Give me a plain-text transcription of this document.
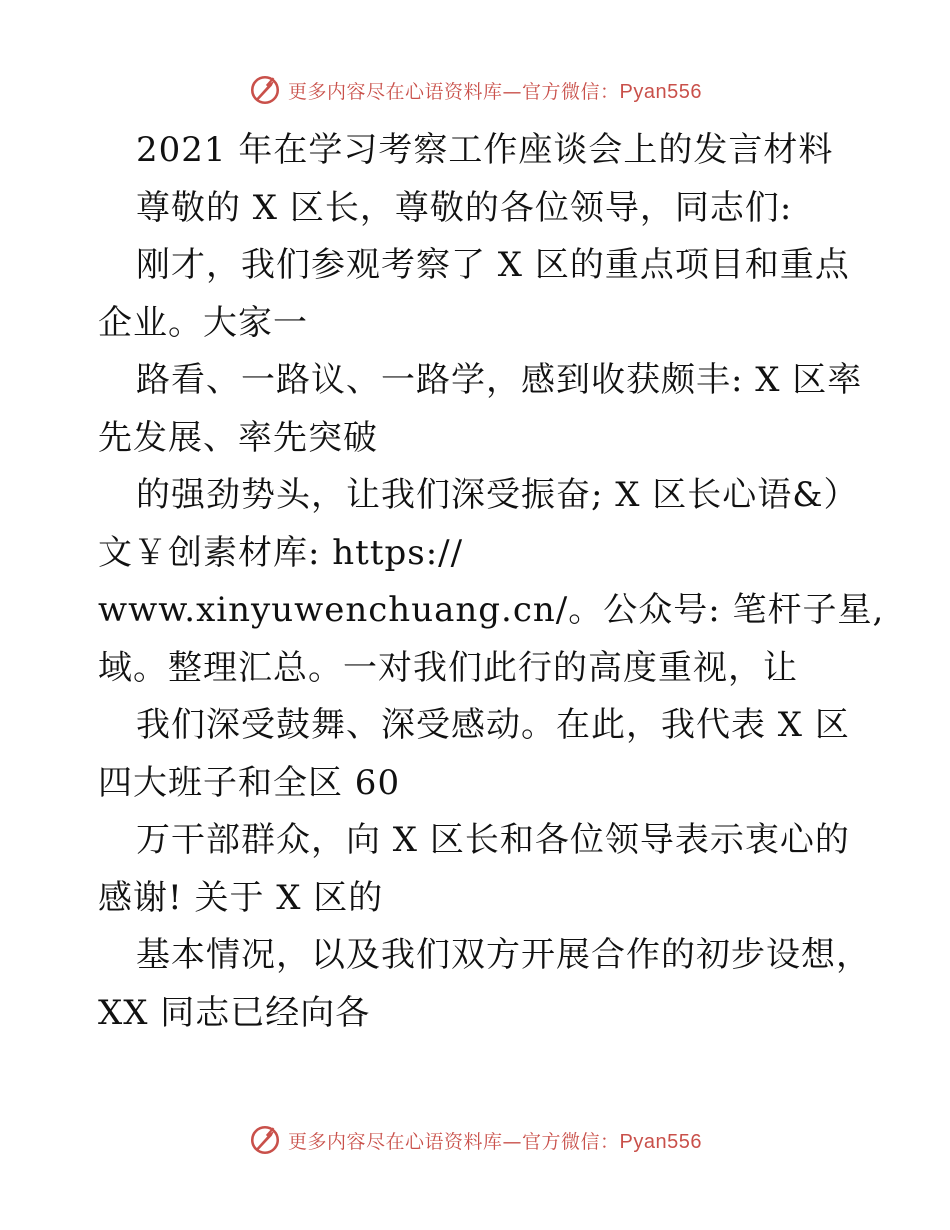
更多内容尽在心语资料库—官方微信：Pyan556
2021 年在学习考察工作座谈会上的发言材料
尊敬的 X 区长，尊敬的各位领导，同志们:
刚才，我们参观考察了 X 区的重点项目和重点
企业。大家一
路看、一路议、一路学，感到收获颇丰: X 区率
先发展、率先突破
的强劲势头，让我们深受振奋; X 区长心语&）
文￥创素材库: https://
www.xinyuwenchuang.cn/。公众号: 笔杆子星,
域。整理汇总。一对我们此行的高度重视，让
我们深受鼓舞、深受感动。在此，我代表 X 区
四大班子和全区 60
万干部群众，向 X 区长和各位领导表示衷心的
感谢! 关于 X 区的
基本情况，以及我们双方开展合作的初步设想，
XX 同志已经向各
更多内容尽在心语资料库—官方微信：Pyan556
